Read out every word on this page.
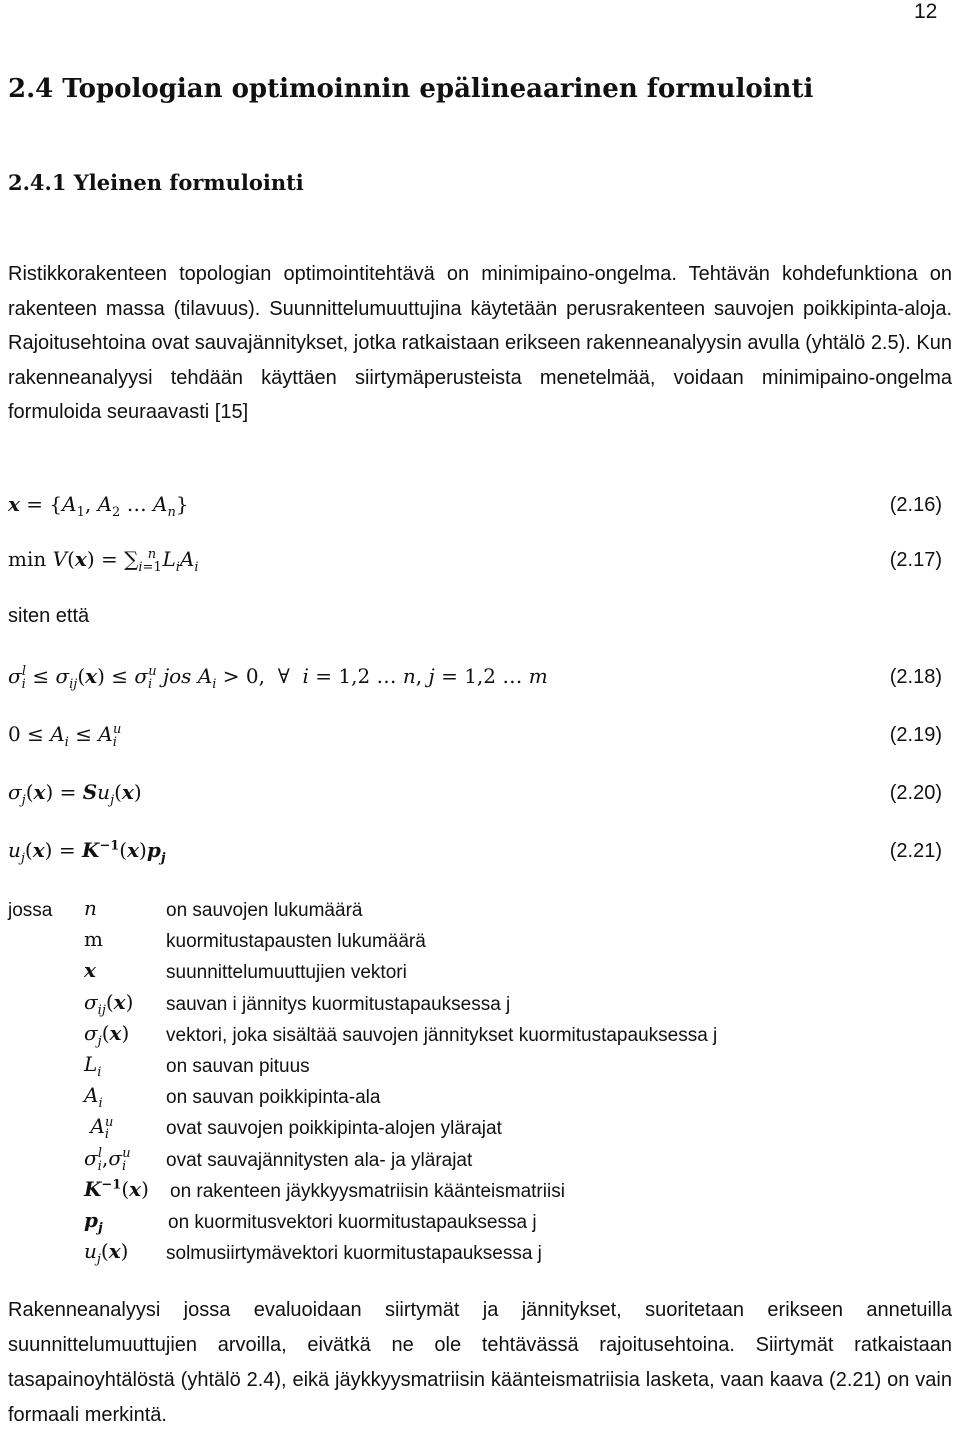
12
2.4 Topologian optimoinnin epälineaarinen formulointi
2.4.1 Yleinen formulointi

Ristikkorakenteen topologian optimointitehtävä on minimipaino-ongelma. Tehtävän kohdefunktiona on rakenteen massa (tilavuus). Suunnittelumuuttujina käytetään perusrakenteen sauvojen poikkipinta-aloja. Rajoitusehtoina ovat sauvajännitykset, jotka ratkaistaan erikseen rakenneanalyysin avulla (yhtälö 2.5). Kun rakenneanalyysi tehdään käyttäen siirtymäperusteista menetelmää, voidaan minimipaino-ongelma formuloida seuraavasti [15]

$x = \{A_1$, $A_2$ … $A_n$}	(2.16)
$\min V(x) = \sum_{i=1}^n$ $L_iA_i$	(2.17)
siten että
$\sigma_i^l \le \sigma_{ij}(x) \le \sigma_i^u$ jos $A_i > 0$,  ∀  i = 1,2 … n, j = 1,2 … m	(2.18)
$0 \le A_i \le A_i^u$	(2.19)
$\sigma_j(x) = Su_j(x)$	(2.20)
$u_j(x) = K^{-1}(x)p_j$	(2.21)
jossa n	on sauvojen lukumäärä
m	kuormitustapausten lukumäärä
x	suunnittelumuuttujien vektori
$\sigma_{ij}(x)$ sauvan i jännitys kuormitustapauksessa j
$\sigma_j(x)$ vektori, joka sisältää sauvojen jännitykset kuormitustapauksessa j
$L_i$	on sauvan pituus
$A_i$	on sauvan poikkipinta-ala
$A_i^u$	ovat sauvojen poikkipinta-alojen ylärajat
$\sigma_i^l,\sigma_i^u$ ovat sauvajännitysten ala- ja ylärajat
$K^{-1}(x)$ on rakenteen jäykkyysmatriisin käänteismatriisi
$p_j$	on kuormitusvektori kuormitustapauksessa j
$u_j(x)$ solmusiirtymävektori kuormitustapauksessa j

Rakenneanalyysi jossa evaluoidaan siirtymät ja jännitykset, suoritetaan erikseen annetuilla suunnittelumuuttujien arvoilla, eivätkä ne ole tehtävässä rajoitusehtoina. Siirtymät ratkaistaan tasapainoyhtälöstä (yhtälö 2.4), eikä jäykkyysmatriisin käänteismatriisia lasketa, vaan kaava (2.21) on vain formaali merkintä.
